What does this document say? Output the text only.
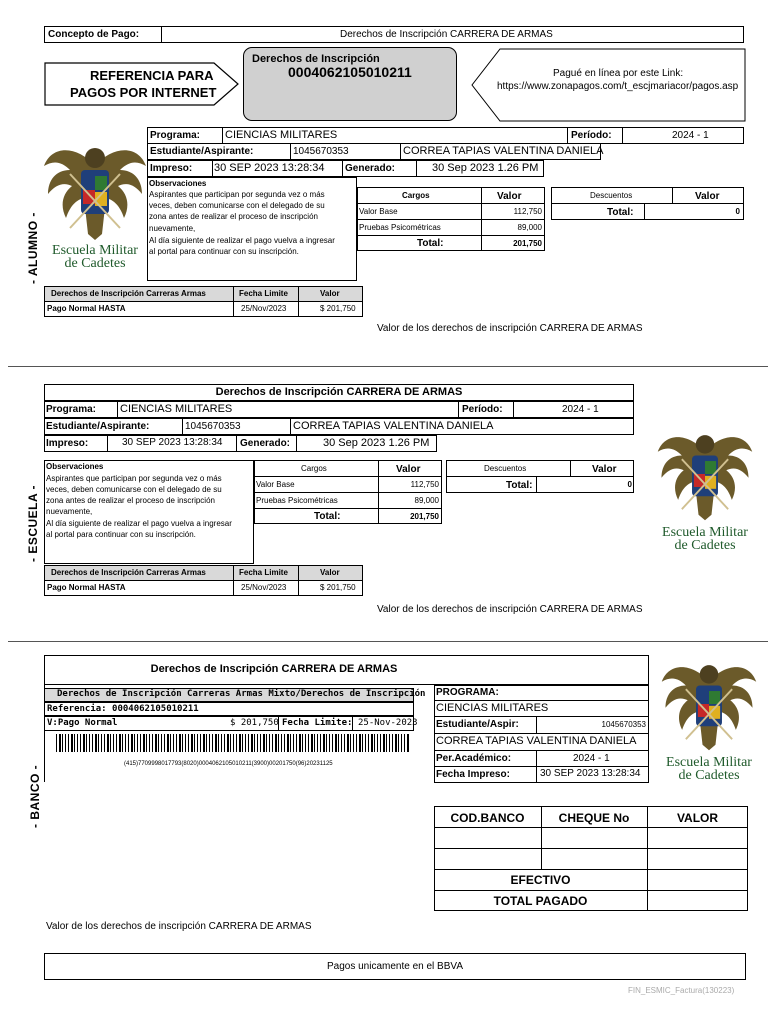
Concepto de Pago:	Derechos de Inscripción CARRERA DE ARMAS
REFERENCIA PARA
PAGOS POR INTERNET
Derechos de Inscripción
0004062105010211	Pagué en línea por este Link:
https://www.zonapagos.com/t_escjmariacor/pagos.asp
Escuela Militar
de Cadetes
- ALUMNO -
Programa: CIENCIAS MILITARES	Período:	2024 - 1
Estudiante/Aspirante:	1045670353	CORREA TAPIAS VALENTINA DANIELA
Impreso: 30 SEP 2023 13:28:34 Generado:	30 Sep 2023 1.26 PM
Observaciones
Aspirantes que participan por segunda vez o más
veces, deben comunicarse con el delegado de su
zona antes de realizar el proceso de inscripción
nuevamente,
Al día siguiente de realizar el pago vuelva a ingresar
al portal para continuar con su inscripción.
Cargos	Valor
Valor Base	112,750
Pruebas Psicométricas	89,000
Total:	201,750
Descuentos	Valor
Total:	0
Derechos de Inscripción Carreras Armas	Fecha Limite	Valor
Pago Normal HASTA	25/Nov/2023	$ 201,750
Valor de los derechos de inscripción CARRERA DE ARMAS
Derechos de Inscripción CARRERA DE ARMAS
Programa: CIENCIAS MILITARES	Período:	2024 - 1
Estudiante/Aspirante:	1045670353	CORREA TAPIAS VALENTINA DANIELA
Impreso:	30 SEP 2023 13:28:34 Generado:	30 Sep 2023 1.26 PM
- ESCUELA -
Observaciones
Aspirantes que participan por segunda vez o más
veces, deben comunicarse con el delegado de su
zona antes de realizar el proceso de inscripción
nuevamente,
Al día siguiente de realizar el pago vuelva a ingresar
al portal para continuar con su inscripción.
Cargos	Valor
Valor Base	112,750
Pruebas Psicométricas	89,000
Total:	201,750
Descuentos	Valor
Total:	0
Derechos de Inscripción Carreras Armas	Fecha Limite	Valor
Pago Normal HASTA	25/Nov/2023	$ 201,750
Escuela Militar
de Cadetes
Valor de los derechos de inscripción CARRERA DE ARMAS
Derechos de Inscripción CARRERA DE ARMAS
Derechos de Inscripción Carreras Armas Mixto/Derechos de Inscripción
Referencia: 0004062105010211
V:Pago Normal	$ 201,750 Fecha Limite: 25-Nov-2023
(415)7709998017793(8020)0004062105010211(3900)00201750(96)20231125
PROGRAMA:
CIENCIAS MILITARES
Estudiante/Aspir:	1045670353
CORREA TAPIAS VALENTINA DANIELA
Per.Académico:	2024 - 1
Fecha Impreso:	30 SEP 2023 13:28:34
Escuela Militar
de Cadetes
- BANCO -	COD.BANCO	CHEQUE No	VALOR
EFECTIVO
TOTAL PAGADO
Valor de los derechos de inscripción CARRERA DE ARMAS
Pagos unicamente en el BBVA
FIN_ESMIC_Factura(130223)
